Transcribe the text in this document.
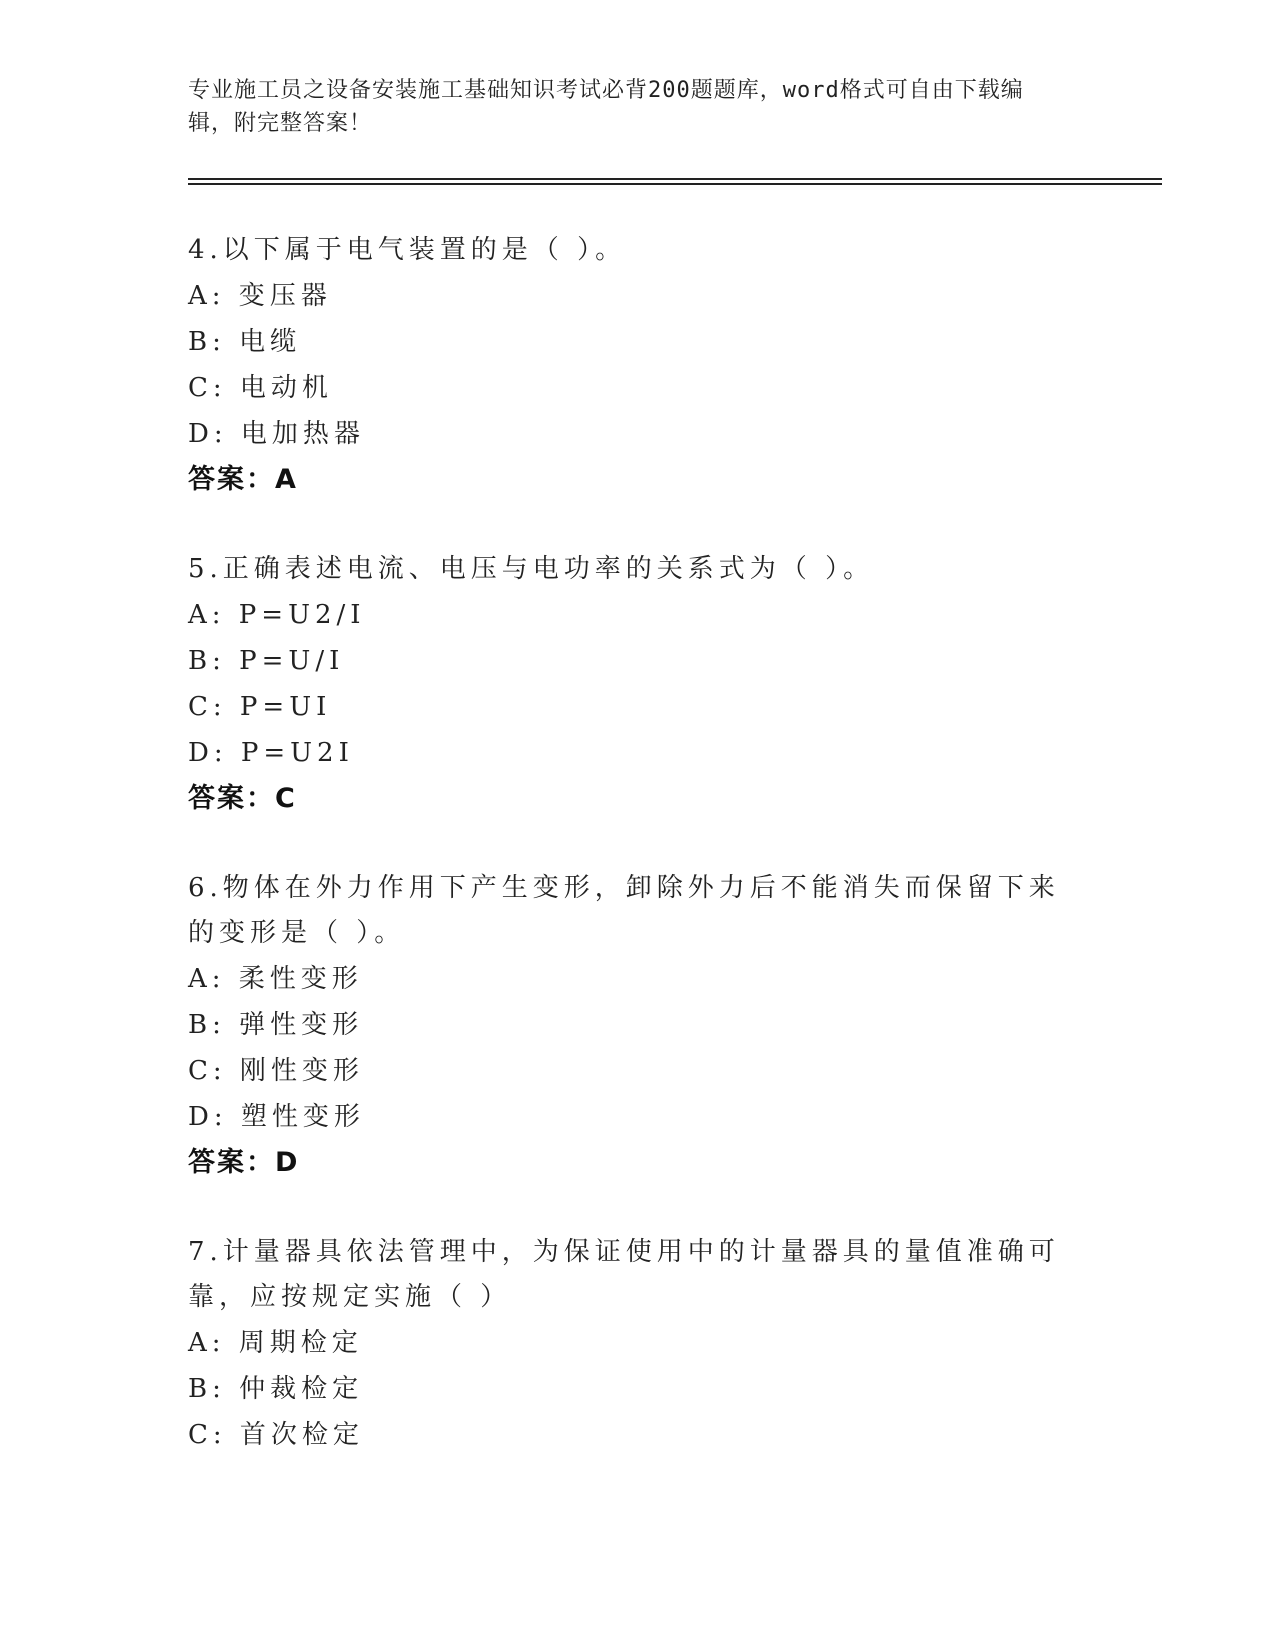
专业施工员之设备安装施工基础知识考试必背200题题库，word格式可自由下载编辑，附完整答案！
4.以下属于电气装置的是（ ）。
A: 变压器
B: 电缆
C: 电动机
D: 电加热器
答案：A
5.正确表述电流、电压与电功率的关系式为（ ）。
A: P=U2/I
B: P=U/I
C: P=UI
D: P=U2I
答案：C
6.物体在外力作用下产生变形，卸除外力后不能消失而保留下来的变形是（ ）。
A: 柔性变形
B: 弹性变形
C: 刚性变形
D: 塑性变形
答案：D
7.计量器具依法管理中，为保证使用中的计量器具的量值准确可靠，应按规定实施（ ）
A: 周期检定
B: 仲裁检定
C: 首次检定
